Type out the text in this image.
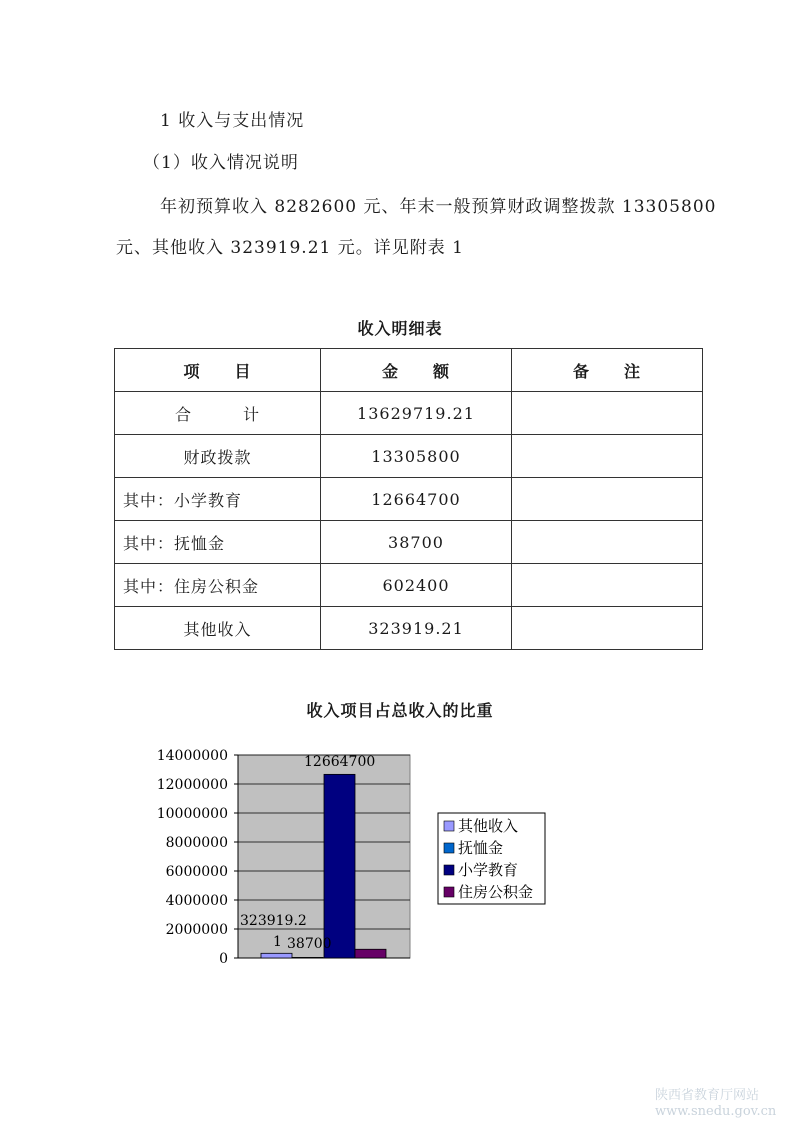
1 收入与支出情况
（1）收入情况说明
年初预算收入 8282600 元、年末一般预算财政调整拨款 13305800
元、其他收入 323919.21 元。详见附表 1
收入明细表
项　　目	金　　额	备　　注
合　　　计	13629719.21	
财政拨款	13305800	
其中：小学教育	12664700	
其中：抚恤金	38700	
其中：住房公积金	602400	
其他收入	323919.21	
收入项目占总收入的比重
0
2000000
4000000
6000000
8000000
10000000
12000000
14000000
323919.2
1 38700
12664700
其他收入
抚恤金
小学教育
住房公积金
陕西省教育厅网站
www.snedu.gov.cn
